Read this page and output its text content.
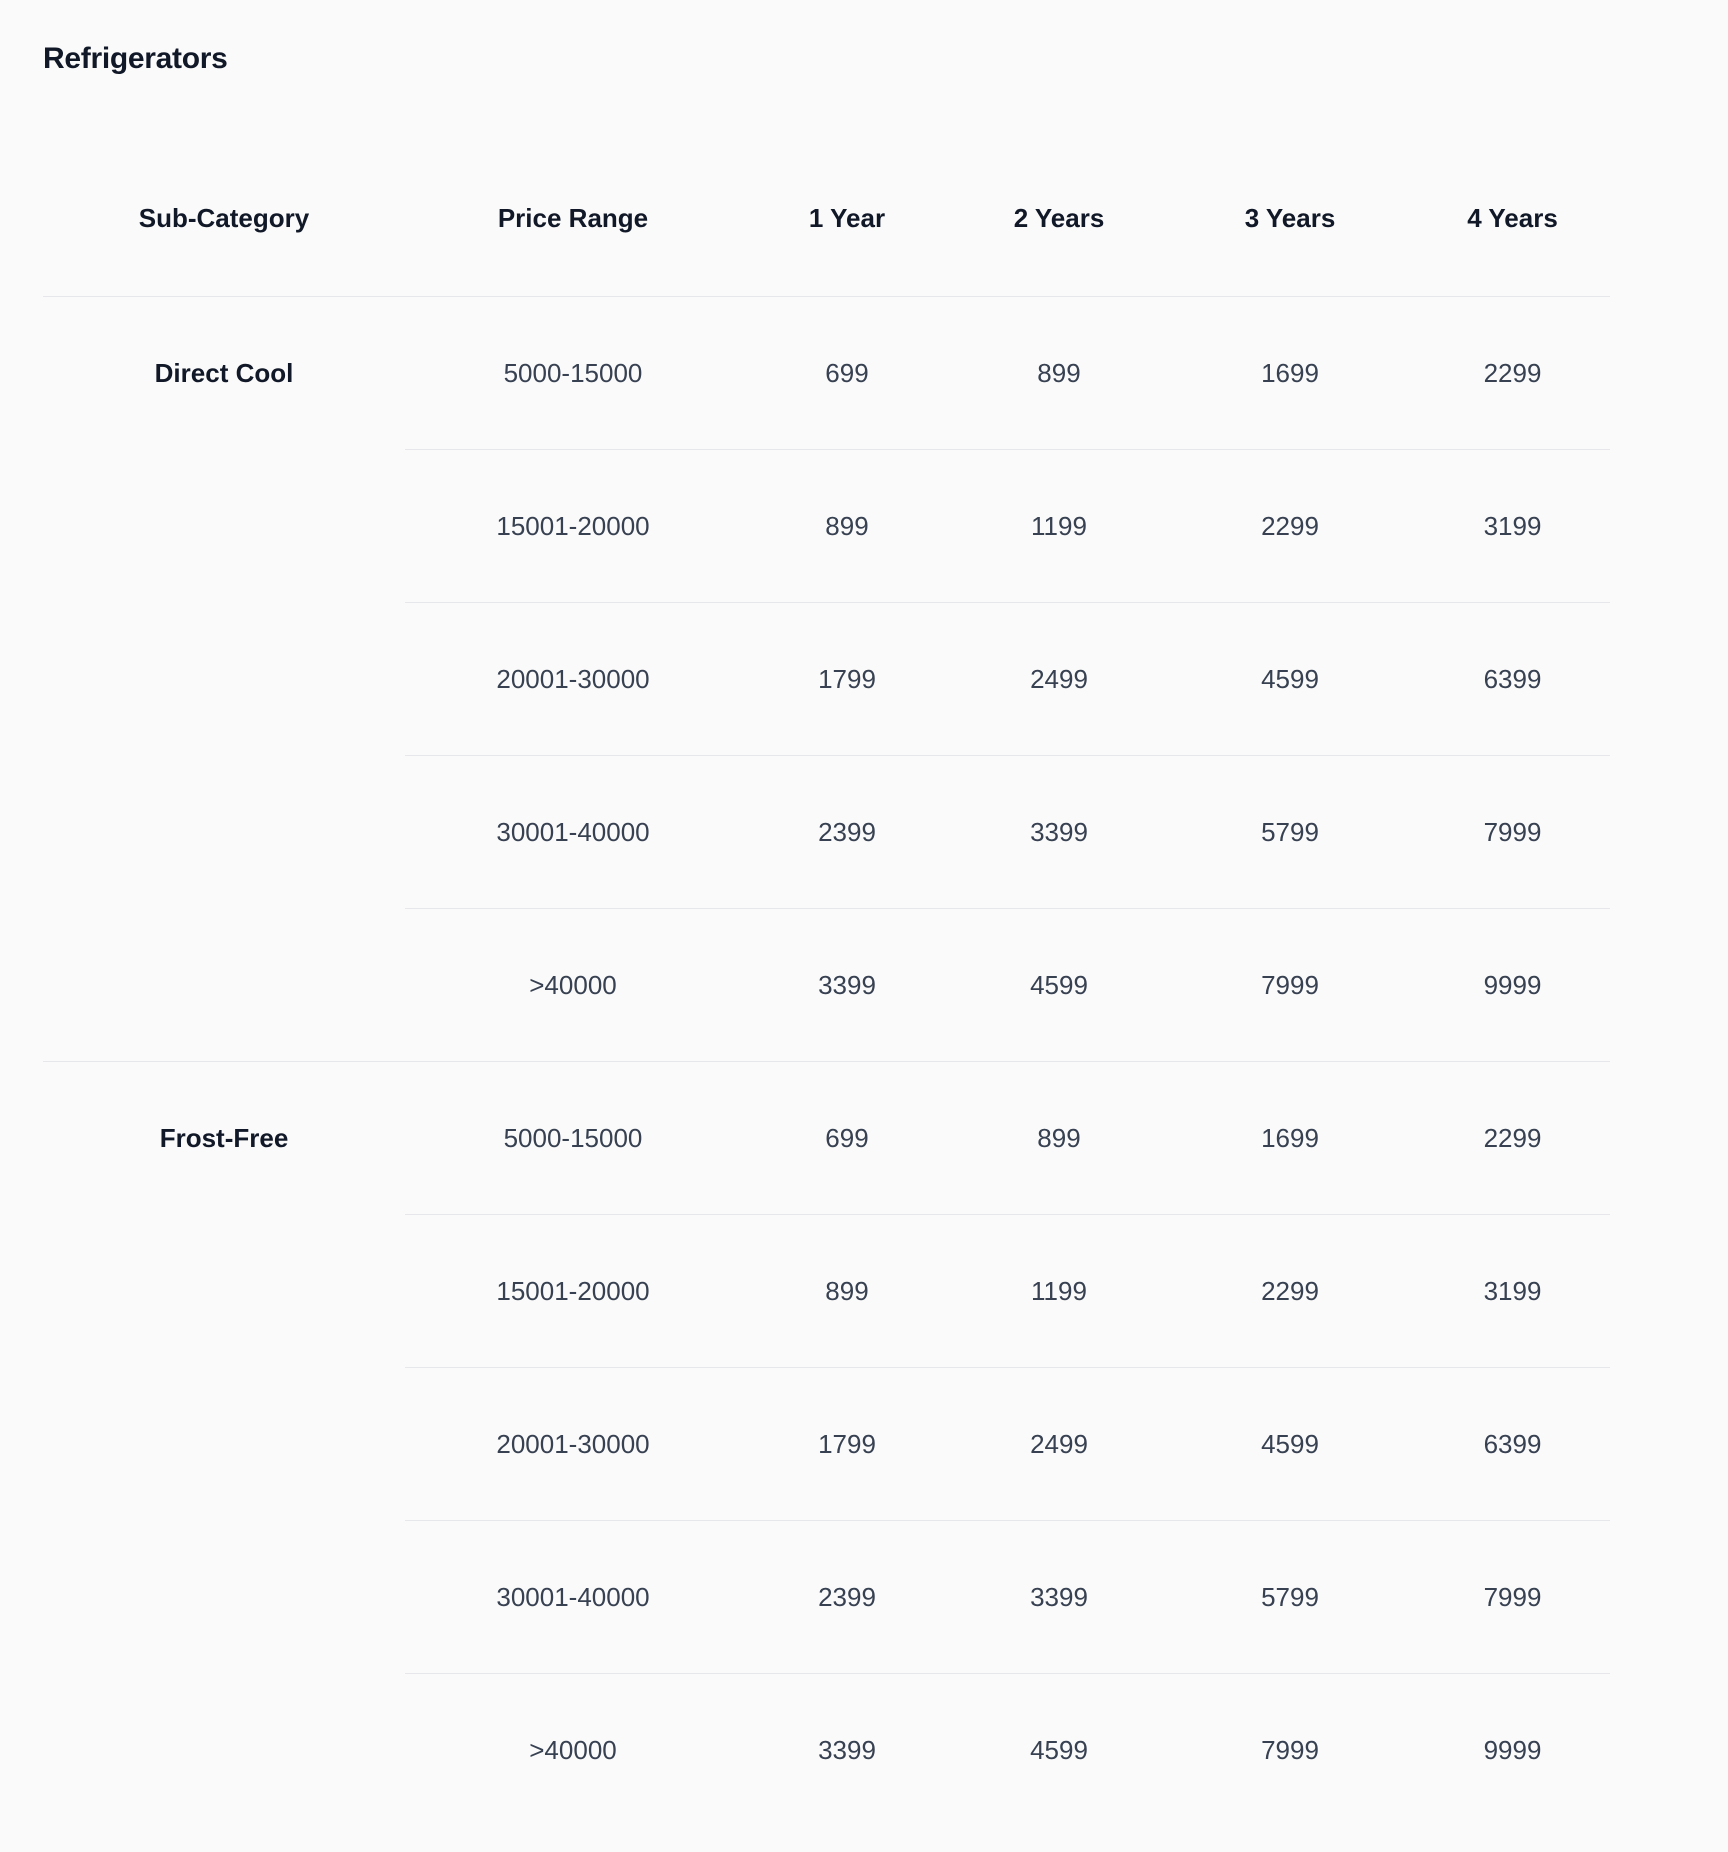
Refrigerators
Sub-Category	Price Range	1 Year	2 Years	3 Years	4 Years
Direct Cool	5000-15000	699	899	1699	2299
	15001-20000	899	1199	2299	3199
	20001-30000	1799	2499	4599	6399
	30001-40000	2399	3399	5799	7999
	>40000	3399	4599	7999	9999
Frost-Free	5000-15000	699	899	1699	2299
	15001-20000	899	1199	2299	3199
	20001-30000	1799	2499	4599	6399
	30001-40000	2399	3399	5799	7999
	>40000	3399	4599	7999	9999
